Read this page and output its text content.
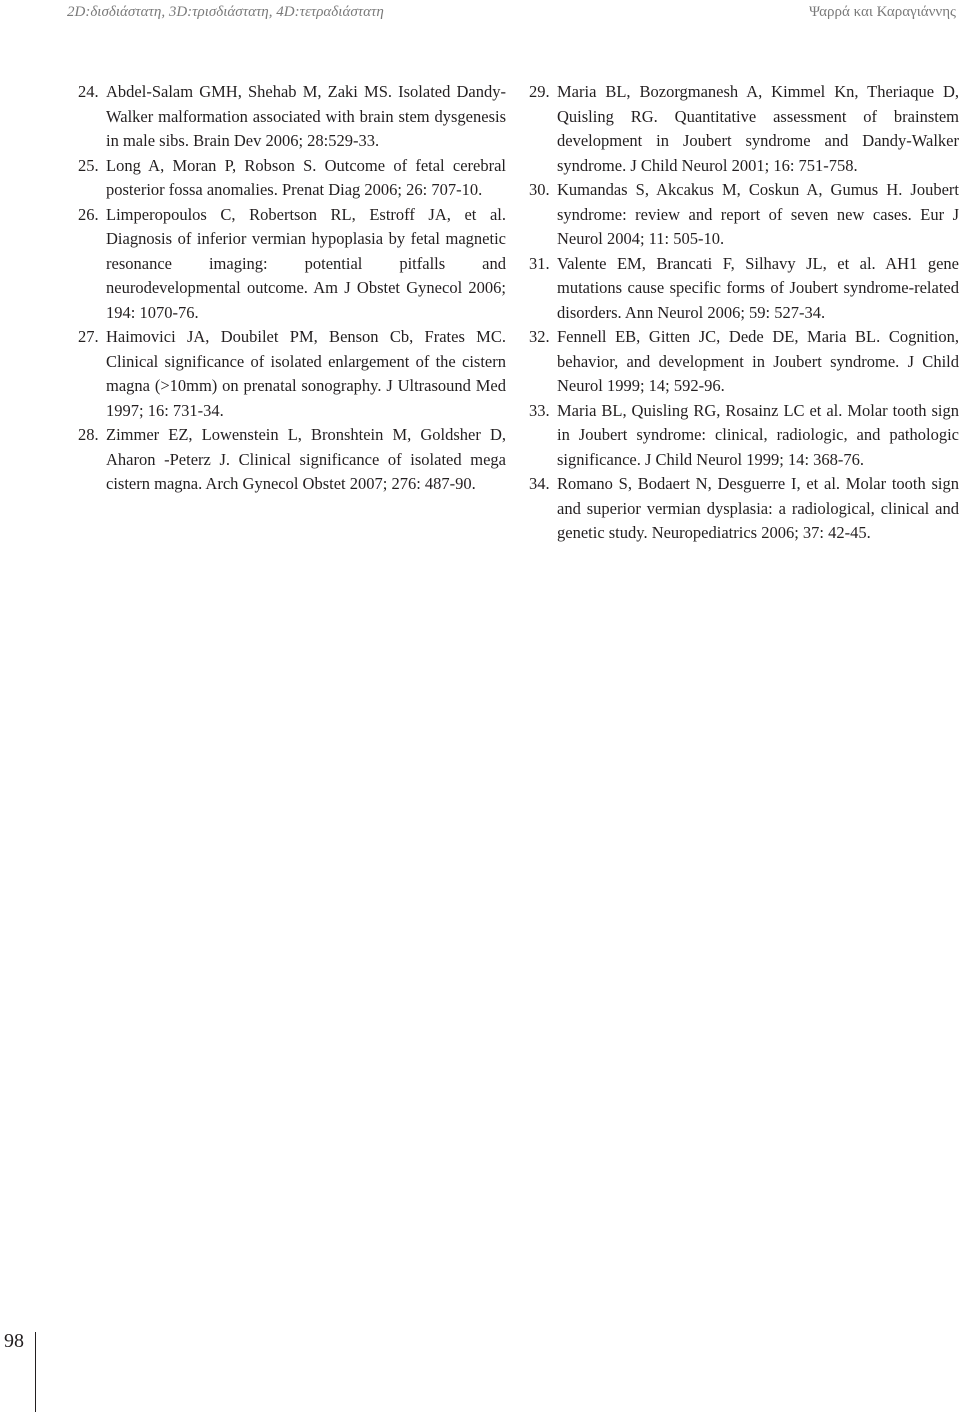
2D:δισδιάστατη, 3D:τρισδιάστατη, 4D:τετραδιάστατη	Ψαρρά και Καραγιάννης

24. Abdel-Salam GMH, Shehab M, Zaki MS. Isolated Dandy-Walker malformation associated with brain stem dysgenesis in male sibs. Brain Dev 2006; 28:529-33.

25. Long A, Moran P, Robson S. Outcome of fetal cerebral posterior fossa anomalies. Prenat Diag 2006; 26: 707-10.

26. Limperopoulos C, Robertson RL, Estroff JA, et al. Diagnosis of inferior vermian hypoplasia by fetal magnetic resonance imaging: potential pitfalls and neurodevelopmental outcome. Am J Obstet Gynecol 2006; 194: 1070-76.

27. Haimovici JA, Doubilet PM, Benson Cb, Frates MC. Clinical significance of isolated enlargement of the cistern magna (>10mm) on prenatal sonography. J Ultrasound Med 1997; 16: 731-34.

28. Zimmer EZ, Lowenstein L, Bronshtein M, Goldsher D, Aharon -Peterz J. Clinical significance of isolated mega cistern magna. Arch Gynecol Obstet 2007; 276: 487-90.

29. Maria BL, Bozorgmanesh A, Kimmel Kn, Theriaque D, Quisling RG. Quantitative assessment of brainstem development in Joubert syndrome and Dandy-Walker syndrome. J Child Neurol 2001; 16: 751-758.

30. Kumandas S, Akcakus M, Coskun A, Gumus H. Joubert syndrome: review and report of seven new cases. Eur J Neurol 2004; 11: 505-10.

31. Valente EM, Brancati F, Silhavy JL, et al. AH1 gene mutations cause specific forms of Joubert syndrome-related disorders. Ann Neurol 2006; 59: 527-34.

32. Fennell EB, Gitten JC, Dede DE, Maria BL. Cognition, behavior, and development in Joubert syndrome. J Child Neurol 1999; 14; 592-96.

33. Maria BL, Quisling RG, Rosainz LC et al. Molar tooth sign in Joubert syndrome: clinical, radiologic, and pathologic significance. J Child Neurol 1999; 14: 368-76.

34. Romano S, Bodaert N, Desguerre I, et al. Molar tooth sign and superior vermian dysplasia: a radiological, clinical and genetic study. Neuropediatrics 2006; 37: 42-45.

98
